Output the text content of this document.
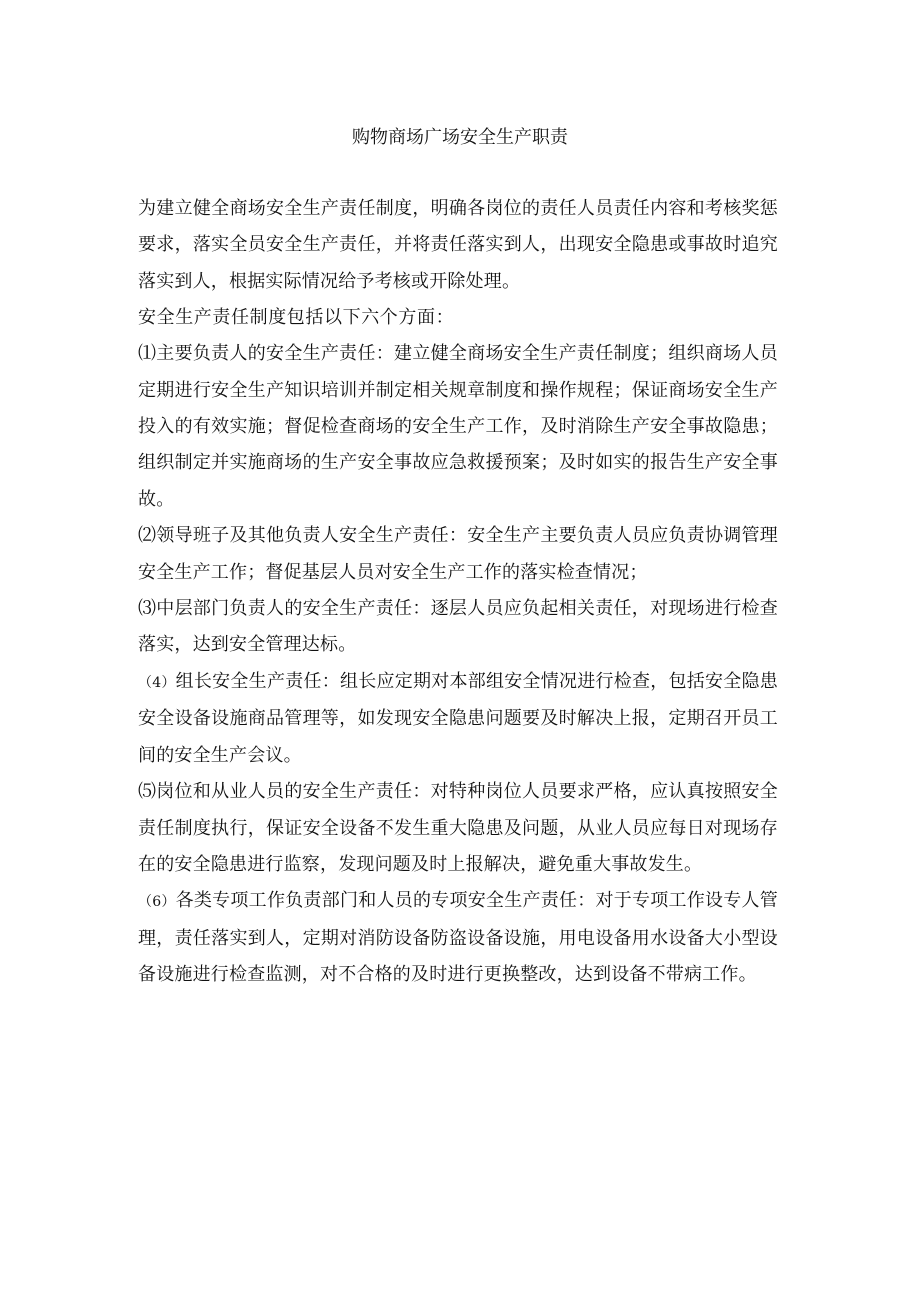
购物商场广场安全生产职责

为建立健全商场安全生产责任制度，明确各岗位的责任人员责任内容和考核奖惩要求，落实全员安全生产责任，并将责任落实到人，出现安全隐患或事故时追究落实到人，根据实际情况给予考核或开除处理。

安全生产责任制度包括以下六个方面：

⑴主要负责人的安全生产责任：建立健全商场安全生产责任制度；组织商场人员定期进行安全生产知识培训并制定相关规章制度和操作规程；保证商场安全生产投入的有效实施；督促检查商场的安全生产工作，及时消除生产安全事故隐患；组织制定并实施商场的生产安全事故应急救援预案；及时如实的报告生产安全事故。

⑵领导班子及其他负责人安全生产责任：安全生产主要负责人员应负责协调管理安全生产工作；督促基层人员对安全生产工作的落实检查情况；

⑶中层部门负责人的安全生产责任：逐层人员应负起相关责任，对现场进行检查落实，达到安全管理达标。

（4）组长安全生产责任：组长应定期对本部组安全情况进行检查，包括安全隐患安全设备设施商品管理等，如发现安全隐患问题要及时解决上报，定期召开员工间的安全生产会议。

⑸岗位和从业人员的安全生产责任：对特种岗位人员要求严格，应认真按照安全责任制度执行，保证安全设备不发生重大隐患及问题，从业人员应每日对现场存在的安全隐患进行监察，发现问题及时上报解决，避免重大事故发生。

（6）各类专项工作负责部门和人员的专项安全生产责任：对于专项工作设专人管理，责任落实到人，定期对消防设备防盗设备设施，用电设备用水设备大小型设备设施进行检查监测，对不合格的及时进行更换整改，达到设备不带病工作。
